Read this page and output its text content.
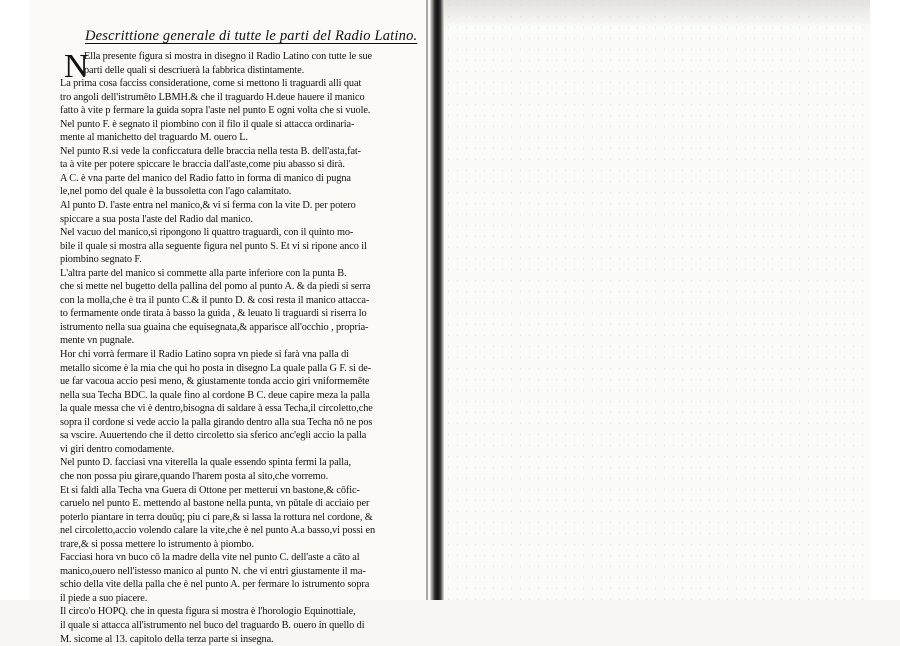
Descrittione generale di tutte le parti del Radio Latino.
N
Ella presente figura si mostra in disegno il Radio Latino con tutte le sue
parti delle quali si descriuerà la fabbrica distintamente.
La prima cosa facciss consideratione, come si mettono li traguardi alli quat
tro angoli dell'istrumēto LBMH.& che il traguardo H.deue hauere il manico
fatto à vite p fermare la guida sopra l'aste nel punto E ogni volta che si vuole.
Nel punto F. è segnato il piombino con il filo il quale si attacca ordinaria-
mente al manichetto del traguardo M. ouero L.
Nel punto R.si vede la conficcatura delle braccia nella testa B. dell'asta,fat-
ta à vite per potere spiccare le braccia dall'aste,come piu abasso si dirà.
A C. è vna parte del manico del Radio fatto in forma di manico di pugna
le,nel pomo del quale è la bussoletta con l'ago calamitato.
Al punto D. l'aste entra nel manico,& vi si ferma con la vite D. per potero
spiccare a sua posta l'aste del Radio dal manico.
Nel vacuo del manico,si ripongono li quattro traguardi, con il quinto mo-
bile il quale si mostra alla seguente figura nel punto S. Et vi si ripone anco il
piombino segnato F.
L'altra parte del manico si commette alla parte inferiore con la punta B.
che si mette nel bugetto della pallina del pomo al punto A. & da piedi si serra
con la molla,che è tra il punto C.& il punto D. & così resta il manico attacca-
to fermamente onde tirata à basso la guida , & leuato li traguardi si riserra lo
istrumento nella sua guaina che equisegnata,& apparisce all'occhio , propria-
mente vn pugnale.
Hor chi vorrà fermare il Radio Latino sopra vn piede si farà vna palla di
metallo sicome è la mia che qui ho posta in disegno La quale palla G F. si de-
ue far vacoua accio pesi meno, & giustamente tonda accio giri vniformemēte
nella sua Techa BDC. la quale fino al cordone B C. deue capire meza la palla
la quale messa che vi è dentro,bisogna di saldare à essa Techa,il circoletto,che
sopra il cordone si vede accio la palla girando dentro alla sua Techa nō ne pos
sa vscire. Auuertendo che il detto circoletto sia sferico anc'egli accio la palla
vi giri dentro comodamente.
Nel punto D. facciasi vna viterella la quale essendo spinta fermi la palla,
che non possa piu girare,quando l'harem posta al sito,che vorremo.
Et si faldi alla Techa vna Guera di Ottone per metterui vn bastone,& cōfic-
caruelo nel punto E. mettendo al bastone nella punta, vn pūtale di acciaio per
poterlo piantare in terra douūq; piu ci pare,& si lassa la rottura nel cordone, &
nel circoletto,accio volendo calare la vite,che è nel punto A.a basso,vi possi en
trare,& si possa mettere lo istrumento à piombo.
Facciasi hora vn buco cō la madre della vite nel punto C. dell'aste a cāto al
manico,ouero nell'istesso manico al punto N. che vi entri giustamente il ma-
schio della vite della palla che è nel punto A. per fermare lo istrumento sopra
il piede a suo piacere.
Il circo'o HOPQ. che in questa figura si mostra è l'horologio Equinottiale,
il quale si attacca all'istrumento nel buco del traguardo B. ouero in quello di
M. sicome al 13. capitolo della terza parte si insegna.
